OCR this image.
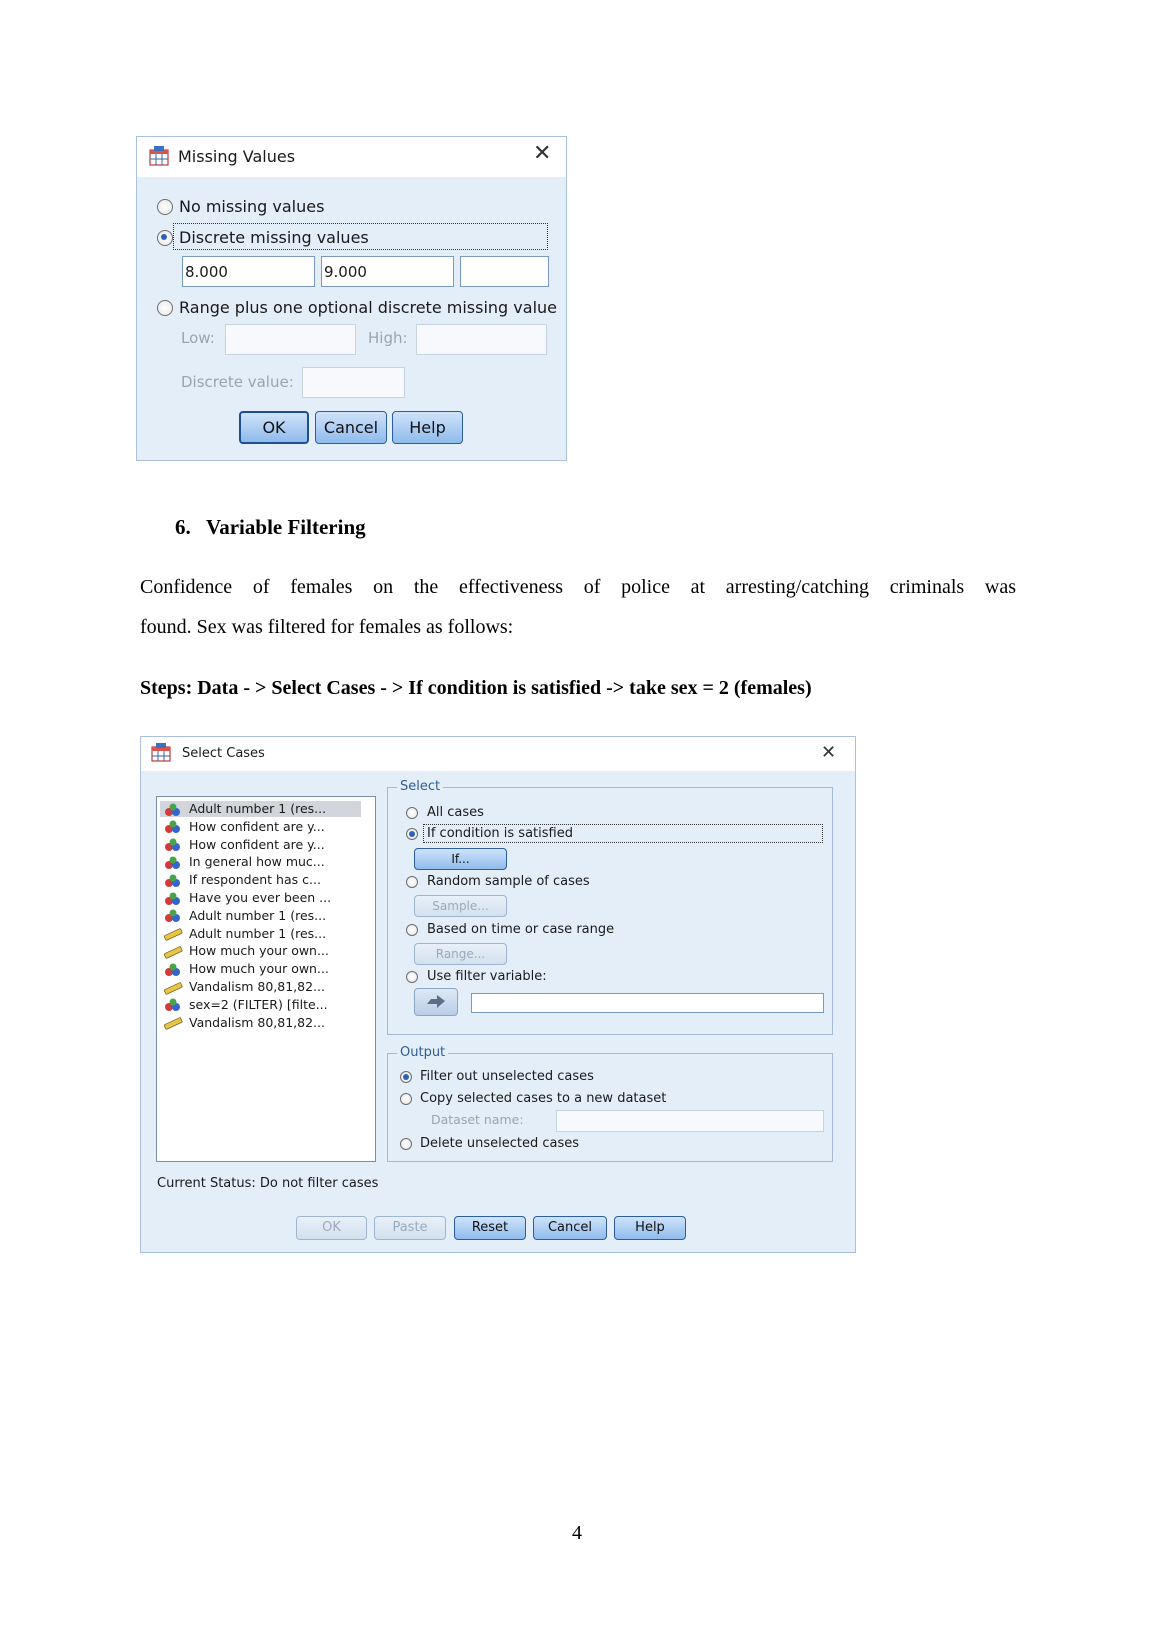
Missing Values	✕
No missing values
Discrete missing values
8.000	9.000
Range plus one optional discrete missing value
Low:	High:
Discrete value:
OK	Cancel	Help
6. Variable Filtering
Confidence of females on the effectiveness of police at arresting/catching criminals was
found. Sex was filtered for females as follows:
Steps: Data - > Select Cases - > If condition is satisfied -> take sex = 2 (females)
Select Cases	✕
Adult number 1 (res...
How confident are y...
How confident are y...
In general how muc...
If respondent has c...
Have you ever been ...
Adult number 1 (res...
Adult number 1 (res...
How much your own...
How much your own...
Vandalism 80,81,82...
sex=2 (FILTER) [filte...
Vandalism 80,81,82...
Select
All cases
If condition is satisfied
If...
Random sample of cases
Sample...
Based on time or case range
Range...
Use filter variable:
Output
Filter out unselected cases
Copy selected cases to a new dataset
Dataset name:
Delete unselected cases
Current Status: Do not filter cases
OK	Paste	Reset	Cancel	Help
4
